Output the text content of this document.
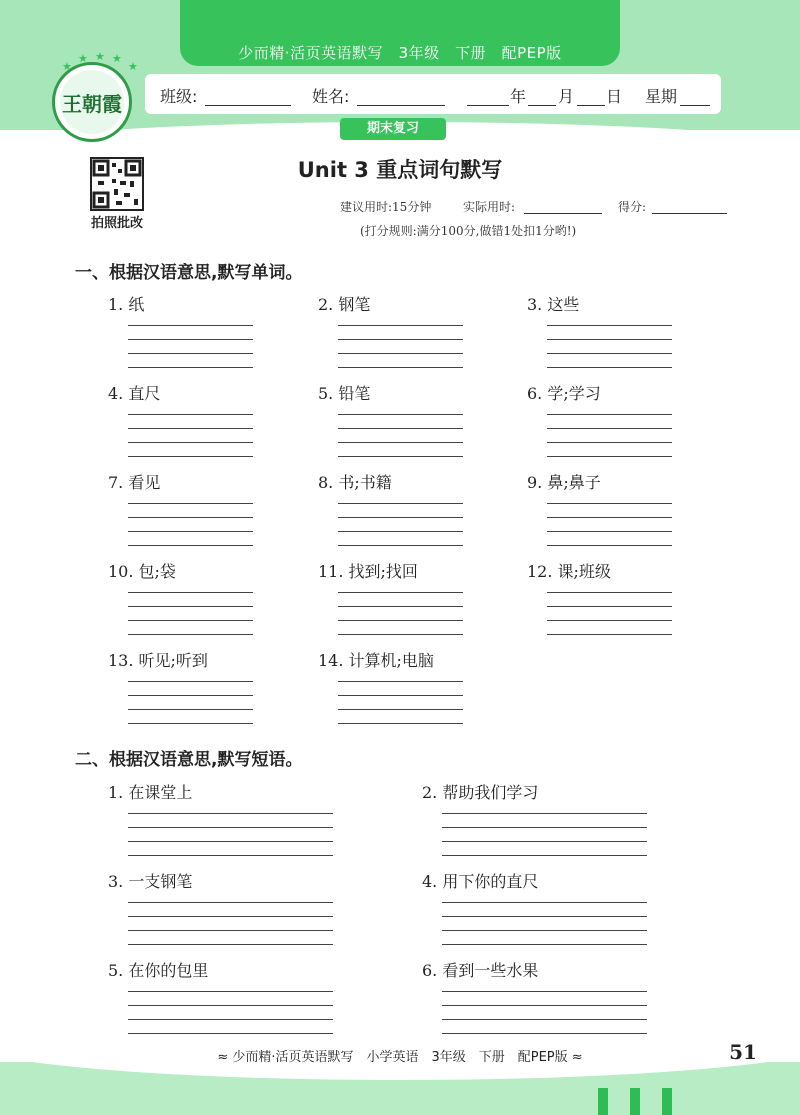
少而精·活页英语默写　3年级　下册　配PEP版
班级:	姓名:	年 月 日 星期
期末复习
王朝霞
★
★ ★ ★
★
拍照批改
Unit 3 重点词句默写
建议用时:15分钟	实际用时:	得分:
(打分规则:满分100分,做错1处扣1分哟!)
一、根据汉语意思,默写单词。
1. 纸	2. 钢笔	3. 这些
4. 直尺	5. 铅笔	6. 学;学习
7. 看见	8. 书;书籍	9. 鼻;鼻子
10. 包;袋	11. 找到;找回	12. 课;班级
13. 听见;听到	14. 计算机;电脑
二、根据汉语意思,默写短语。
1. 在课堂上	2. 帮助我们学习
3. 一支钢笔	4. 用下你的直尺
5. 在你的包里	6. 看到一些水果
≈ 少而精·活页英语默写　小学英语　3年级　下册　配PEP版 ≈	51
